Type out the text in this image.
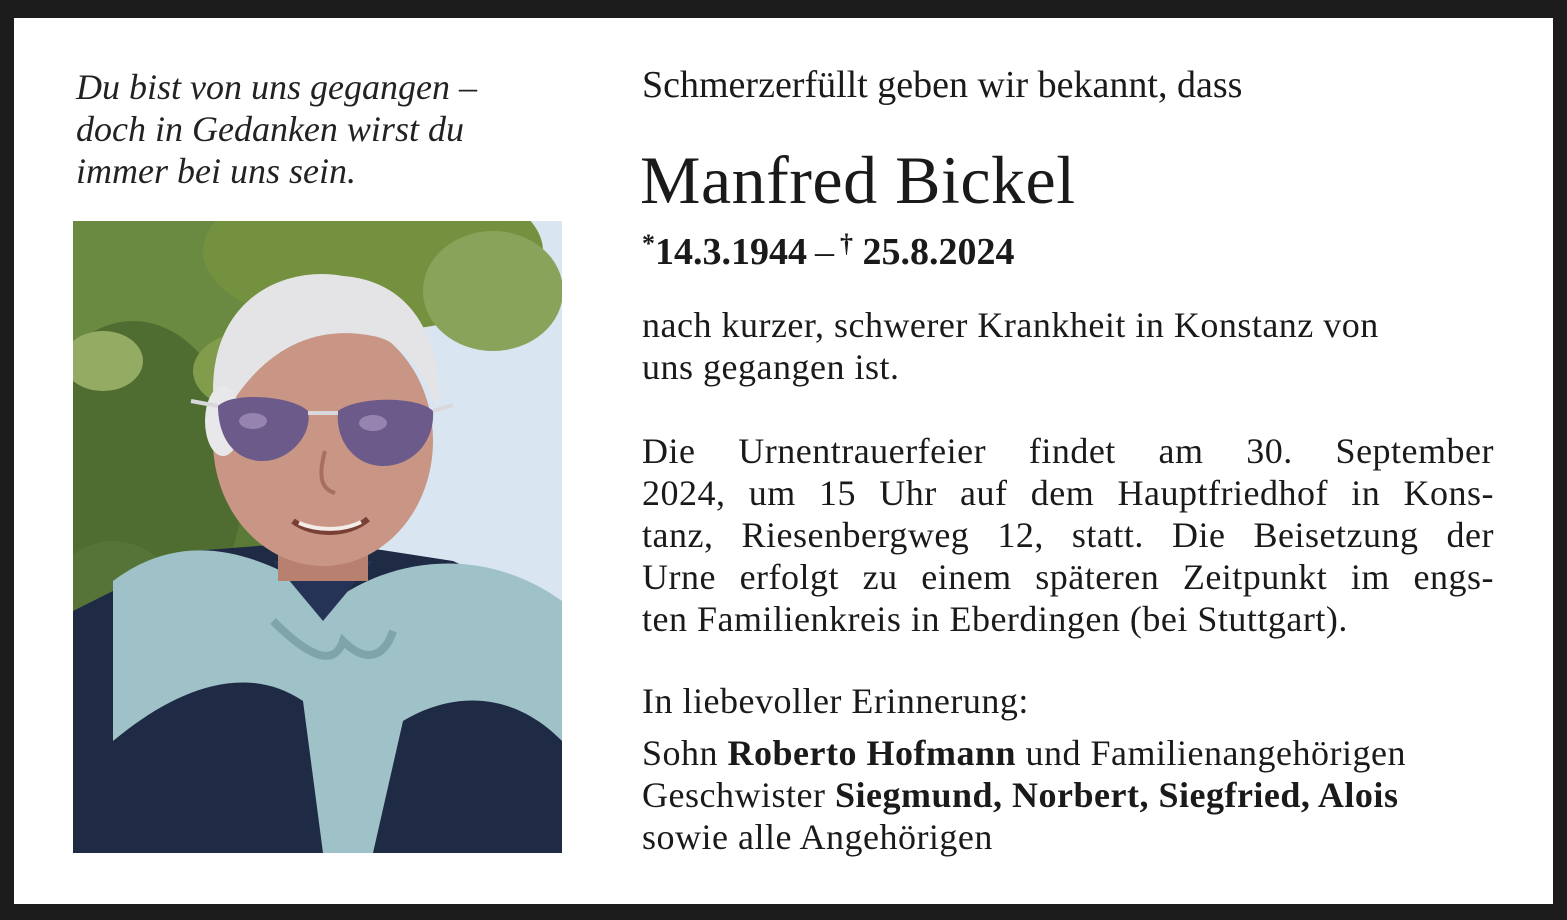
Du bist von uns gegangen –
doch in Gedanken wirst du
immer bei uns sein.
Schmerzerfüllt geben wir bekannt, dass
Manfred Bickel
*14.3.1944 – † 25.8.2024
nach kurzer, schwerer Krankheit in Konstanz von
uns gegangen ist.
Die Urnentrauerfeier findet am 30. September
2024, um 15 Uhr auf dem Hauptfriedhof in Kons-
tanz, Riesenbergweg 12, statt. Die Beisetzung der
Urne erfolgt zu einem späteren Zeitpunkt im engs-
ten Familienkreis in Eberdingen (bei Stuttgart).
In liebevoller Erinnerung:
Sohn Roberto Hofmann und Familienangehörigen
Geschwister Siegmund, Norbert, Siegfried, Alois
sowie alle Angehörigen
